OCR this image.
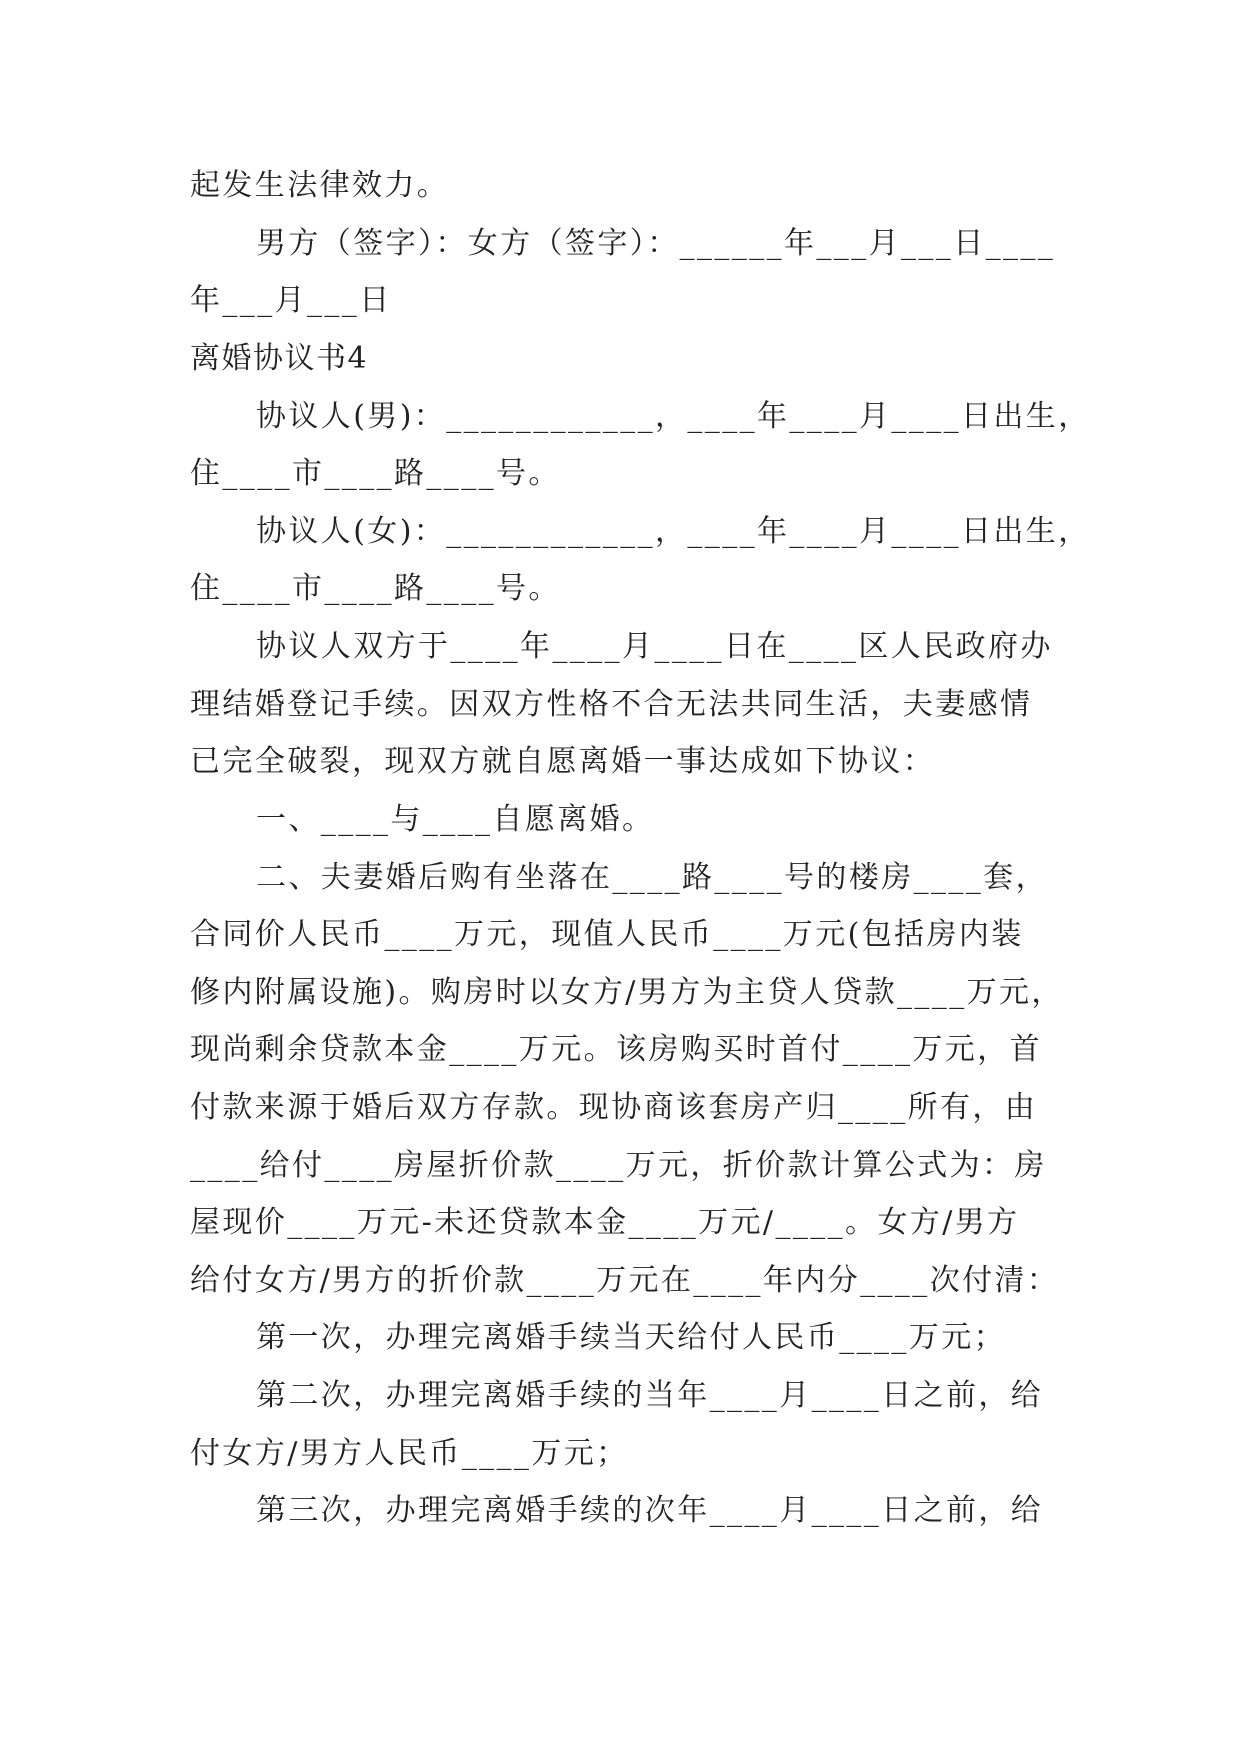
起发生法律效力。
男方（签字）：女方（签字）：______年___月___日____
年___月___日
离婚协议书4
协议人(男)：____________，____年____月____日出生，
住____市____路____号。
协议人(女)：____________，____年____月____日出生，
住____市____路____号。
协议人双方于____年____月____日在____区人民政府办
理结婚登记手续。因双方性格不合无法共同生活，夫妻感情
已完全破裂，现双方就自愿离婚一事达成如下协议：
一、____与____自愿离婚。
二、夫妻婚后购有坐落在____路____号的楼房____套，
合同价人民币____万元，现值人民币____万元(包括房内装
修内附属设施)。购房时以女方/男方为主贷人贷款____万元，
现尚剩余贷款本金____万元。该房购买时首付____万元，首
付款来源于婚后双方存款。现协商该套房产归____所有，由
____给付____房屋折价款____万元，折价款计算公式为：房
屋现价____万元-未还贷款本金____万元/____。女方/男方
给付女方/男方的折价款____万元在____年内分____次付清：
第一次，办理完离婚手续当天给付人民币____万元；
第二次，办理完离婚手续的当年____月____日之前，给
付女方/男方人民币____万元；
第三次，办理完离婚手续的次年____月____日之前，给
